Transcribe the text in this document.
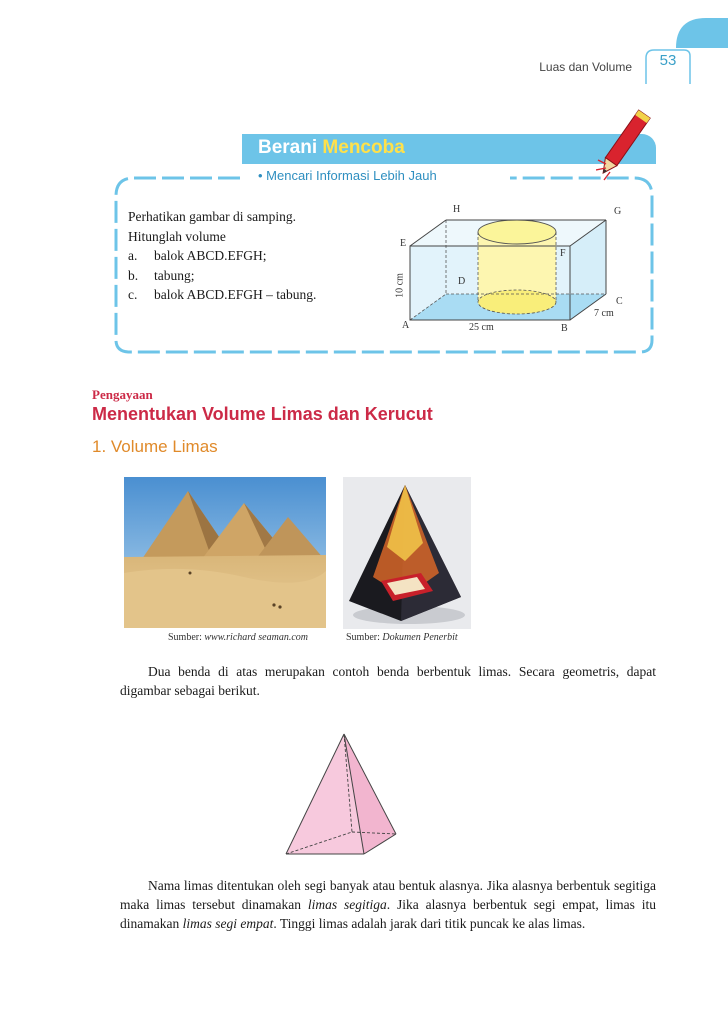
Luas dan Volume	53
Berani Mencoba
• Mencari Informasi Lebih Jauh
Perhatikan gambar di samping.
Hitunglah volume
a.	balok ABCD.EFGH;
b.	tabung;
c.	balok ABCD.EFGH – tabung.
H	G
E
F
D
C
A	B
25 cm
7 cm
10 cm
Pengayaan
Menentukan Volume Limas dan Kerucut
1. Volume Limas
Sumber: www.richard seaman.com	Sumber: Dokumen Penerbit
Dua benda di atas merupakan contoh benda berbentuk limas. Secara geometris, dapat digambar sebagai berikut.
Nama limas ditentukan oleh segi banyak atau bentuk alasnya. Jika alasnya berbentuk segitiga maka limas tersebut dinamakan limas segitiga. Jika alasnya berbentuk segi empat, limas itu dinamakan limas segi empat. Tinggi limas adalah jarak dari titik puncak ke alas limas.
